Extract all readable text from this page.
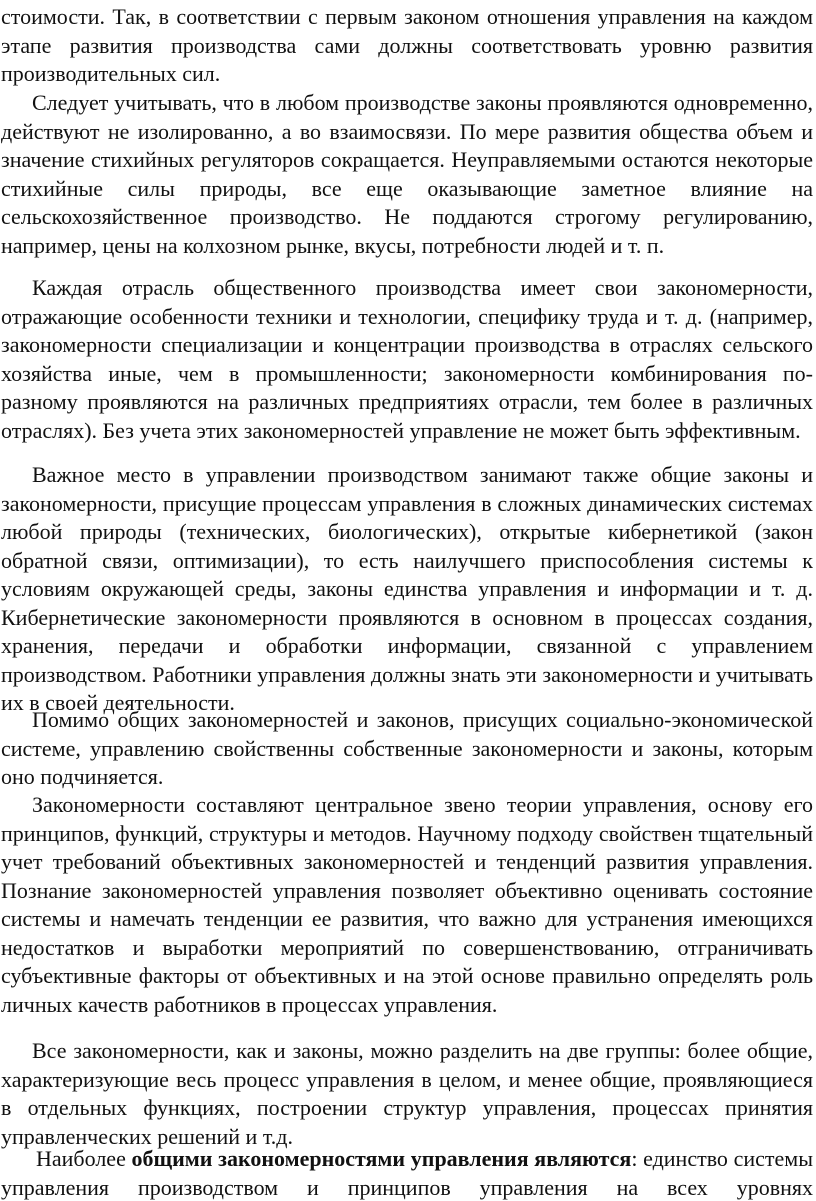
стоимости. Так, в соответствии с первым законом отношения управления на каждом этапе развития производства сами должны соответствовать уровню развития производительных сил.

Следует учитывать, что в любом производстве законы проявляются одновременно, действуют не изолированно, а во взаимосвязи. По мере развития общества объем и значение стихийных регуляторов сокращается. Неуправляемыми остаются некоторые стихийные силы природы, все еще оказывающие заметное влияние на сельскохозяйственное производство. Не поддаются строгому регулированию, например, цены на колхозном рынке, вкусы, потребности людей и т. п.

Каждая отрасль общественного производства имеет свои закономерности, отражающие особенности техники и технологии, специфику труда и т. д. (например, закономерности специализации и концентрации производства в отраслях сельского хозяйства иные, чем в промышленности; закономерности комбинирования по-разному проявляются на различных предприятиях отрасли, тем более в различных отраслях). Без учета этих закономерностей управление не может быть эффективным.

Важное место в управлении производством занимают также общие законы и закономерности, присущие процессам управления в сложных динамических системах любой природы (технических, биологических), открытые кибернетикой (закон обратной связи, оптимизации), то есть наилучшего приспособления системы к условиям окружающей среды, законы единства управления и информации и т. д. Кибернетические закономерности проявляются в основном в процессах создания, хранения, передачи и обработки информации, связанной с управлением производством. Работники управления должны знать эти закономерности и учитывать их в своей деятельности.

Помимо общих закономерностей и законов, присущих социально-экономической системе, управлению свойственны собственные закономерности и законы, которым оно подчиняется.

Закономерности составляют центральное звено теории управления, основу его принципов, функций, структуры и методов. Научному подходу свойствен тщательный учет требований объективных закономерностей и тенденций развития управления. Познание закономерностей управления позволяет объективно оценивать состояние системы и намечать тенденции ее развития, что важно для устранения имеющихся недостатков и выработки мероприятий по совершенствованию, отграничивать субъективные факторы от объективных и на этой основе правильно определять роль личных качеств работников в процессах управления.

Все закономерности, как и законы, можно разделить на две группы: более общие, характеризующие весь процесс управления в целом, и менее общие, проявляющиеся в отдельных функциях, построении структур управления, процессах принятия управленческих решений и т.д.

Наиболее общими закономерностями управления являются: единство системы управления производством и принципов управления на всех уровнях
